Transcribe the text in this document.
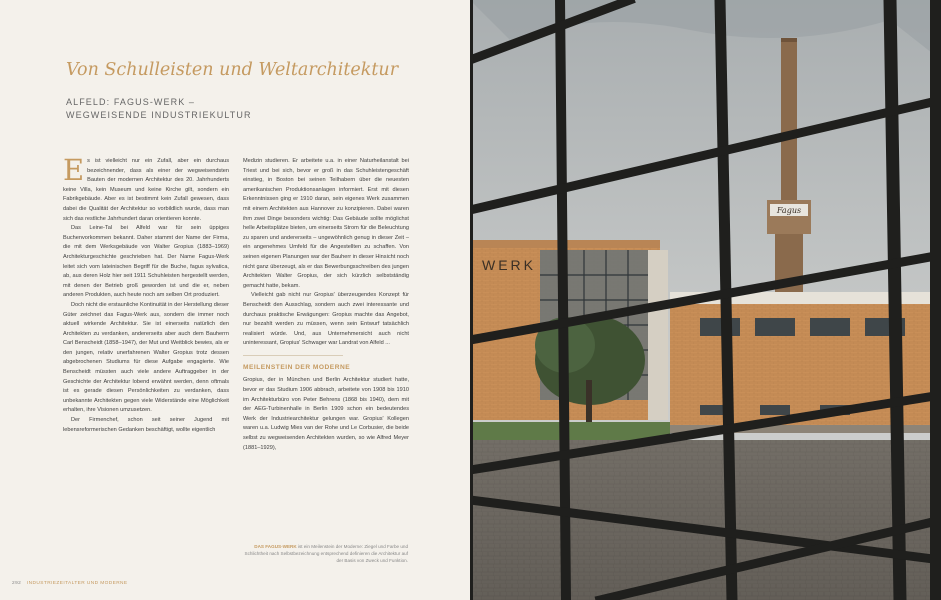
Von Schulleisten und Weltarchitektur
ALFELD: FAGUS-WERK –
WEGWEISENDE INDUSTRIEKULTUR

Es ist vielleicht nur ein Zufall, aber ein durchaus bezeichnender, dass als einer der wegweisendsten Bauten der modernen Architektur des 20. Jahrhunderts keine Villa, kein Museum und keine Kirche gilt, sondern ein Fabrikgebäude. Aber es ist bestimmt kein Zufall gewesen, dass dabei die Qualität der Architektur so vorbildlich wurde, dass man sich das restliche Jahrhundert daran orientieren konnte.

Das Leine-Tal bei Alfeld war für sein üppiges Buchenvorkommen bekannt. Daher stammt der Name der Firma, die mit dem Werksgebäude von Walter Gropius (1883–1969) Architekturgeschichte geschrieben hat. Der Name Fagus-Werk leitet sich vom lateinischen Begriff für die Buche, fagus sylvatica, ab, aus deren Holz hier seit 1911 Schuhleisten hergestellt werden, mit denen der Betrieb groß geworden ist und die er, neben anderen Produkten, auch heute noch am selben Ort produziert.

Doch nicht die erstaunliche Kontinuität in der Herstellung dieser Güter zeichnet das Fagus-Werk aus, sondern die immer noch aktuell wirkende Architektur. Sie ist einerseits natürlich den Architekten zu verdanken, andererseits aber auch dem Bauherrn Carl Benscheidt (1858–1947), der Mut und Weitblick bewies, als er den jungen, relativ unerfahrenen Walter Gropius trotz dessen abgebrochenen Studiums für diese Aufgabe engagierte. Wie Benscheidt müssten auch viele andere Auftraggeber in der Geschichte der Architektur lobend erwähnt werden, denn oftmals ist es gerade diesen Persönlichkeiten zu verdanken, dass unbekannte Architekten gegen viele Widerstände eine Möglichkeit erhalten, ihre Visionen umzusetzen.

Der Firmenchef, schon seit seiner Jugend mit lebensreformerischen Gedanken beschäftigt, wollte eigentlich

Medizin studieren. Er arbeitete u.a. in einer Naturheilanstalt bei Triest und bei sich, bevor er groß in das Schuhleistengeschäft einstieg, in Boston bei seinen Teilhabern über die neuesten amerikanischen Produktionsanlagen informiert. Erst mit diesen Erkenntnissen ging er 1910 daran, sein eigenes Werk zusammen mit einem Architekten aus Hannover zu konzipieren. Dabei waren ihm zwei Dinge besonders wichtig: Das Gebäude sollte möglichst helle Arbeitsplätze bieten, um einerseits Strom für die Beleuchtung zu sparen und andererseits – ungewöhnlich genug in dieser Zeit – ein angenehmes Umfeld für die Angestellten zu schaffen. Von seinen eigenen Planungen war der Bauherr in dieser Hinsicht noch nicht ganz überzeugt, als er das Bewerbungsschreiben des jungen Architekten Walter Gropius, der sich kürzlich selbstständig gemacht hatte, bekam.

Vielleicht gab nicht nur Gropius' überzeugendes Konzept für Benscheidt den Ausschlag, sondern auch zwei interessante und durchaus praktische Erwägungen: Gropius machte das Angebot, nur bezahlt werden zu müssen, wenn sein Entwurf tatsächlich realisiert würde. Und, aus Unternehmersicht auch nicht uninteressant, Gropius' Schwager war Landrat von Alfeld ...

MEILENSTEIN DER MODERNE

Gropius, der in München und Berlin Architektur studiert hatte, bevor er das Studium 1906 abbrach, arbeitete von 1908 bis 1910 im Architekturbüro von Peter Behrens (1868 bis 1940), dem mit der AEG-Turbinenhalle in Berlin 1909 schon ein bedeutendes Werk der Industriearchitektur gelungen war. Gropius' Kollegen waren u.a. Ludwig Mies van der Rohe und Le Corbusier, die beide selbst zu wegweisenden Architekten wurden, so wie Alfred Meyer (1881–1929),

DAS FAGUS-WERK ist ein Meilenstein der Moderne: Ziegel und Farbe und Schlichtheit nach Selbstbezeichnung entsprechend definieren die Architektur auf der Basis von Zweck und Funktion.
292 INDUSTRIEZEITALTER UND MODERNE
Fagus
WERK
